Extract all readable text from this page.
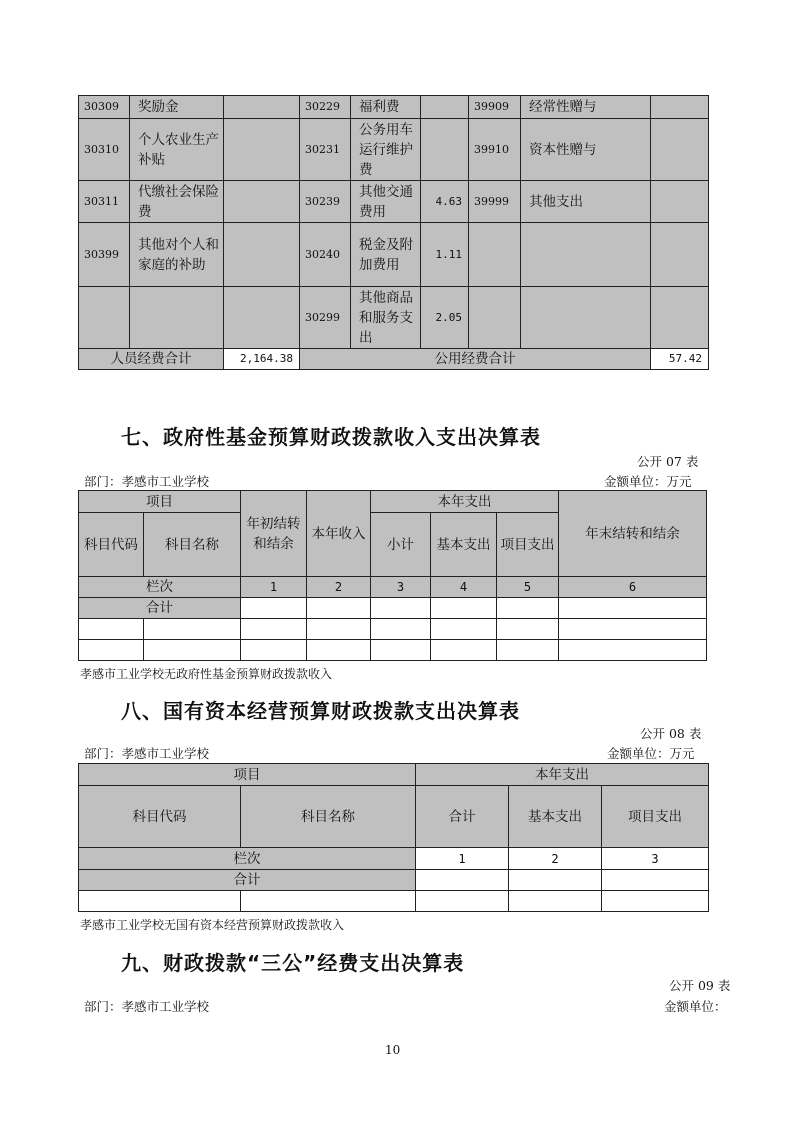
30309	奖励金		30229	福利费		39909	经常性赠与	
30310	个人农业生产补贴		30231	公务用车运行维护费		39910	资本性赠与	
30311	代缴社会保险费		30239	其他交通费用	4.63	39999	其他支出	
30399	其他对个人和家庭的补助		30240	税金及附加费用	1.11			
			30299	其他商品和服务支出	2.05			
人员经费合计		2,164.38	公用经费合计					57.42
七、政府性基金预算财政拨款收入支出决算表
公开 07 表
部门：孝感市工业学校	金额单位：万元
项目		年初结转和结余	本年收入	本年支出			年末结转和结余
科目代码	科目名称			小计	基本支出	项目支出	
栏次		1	2	3	4	5	6
合计							

孝感市工业学校无政府性基金预算财政拨款收入
八、国有资本经营预算财政拨款支出决算表
公开 08 表
部门：孝感市工业学校	金额单位：万元
项目		本年支出		
科目代码	科目名称	合计	基本支出	项目支出
栏次		1	2	3
合计				

孝感市工业学校无国有资本经营预算财政拨款收入
九、财政拨款“三公”经费支出决算表
公开 09 表
部门：孝感市工业学校	金额单位：
10
